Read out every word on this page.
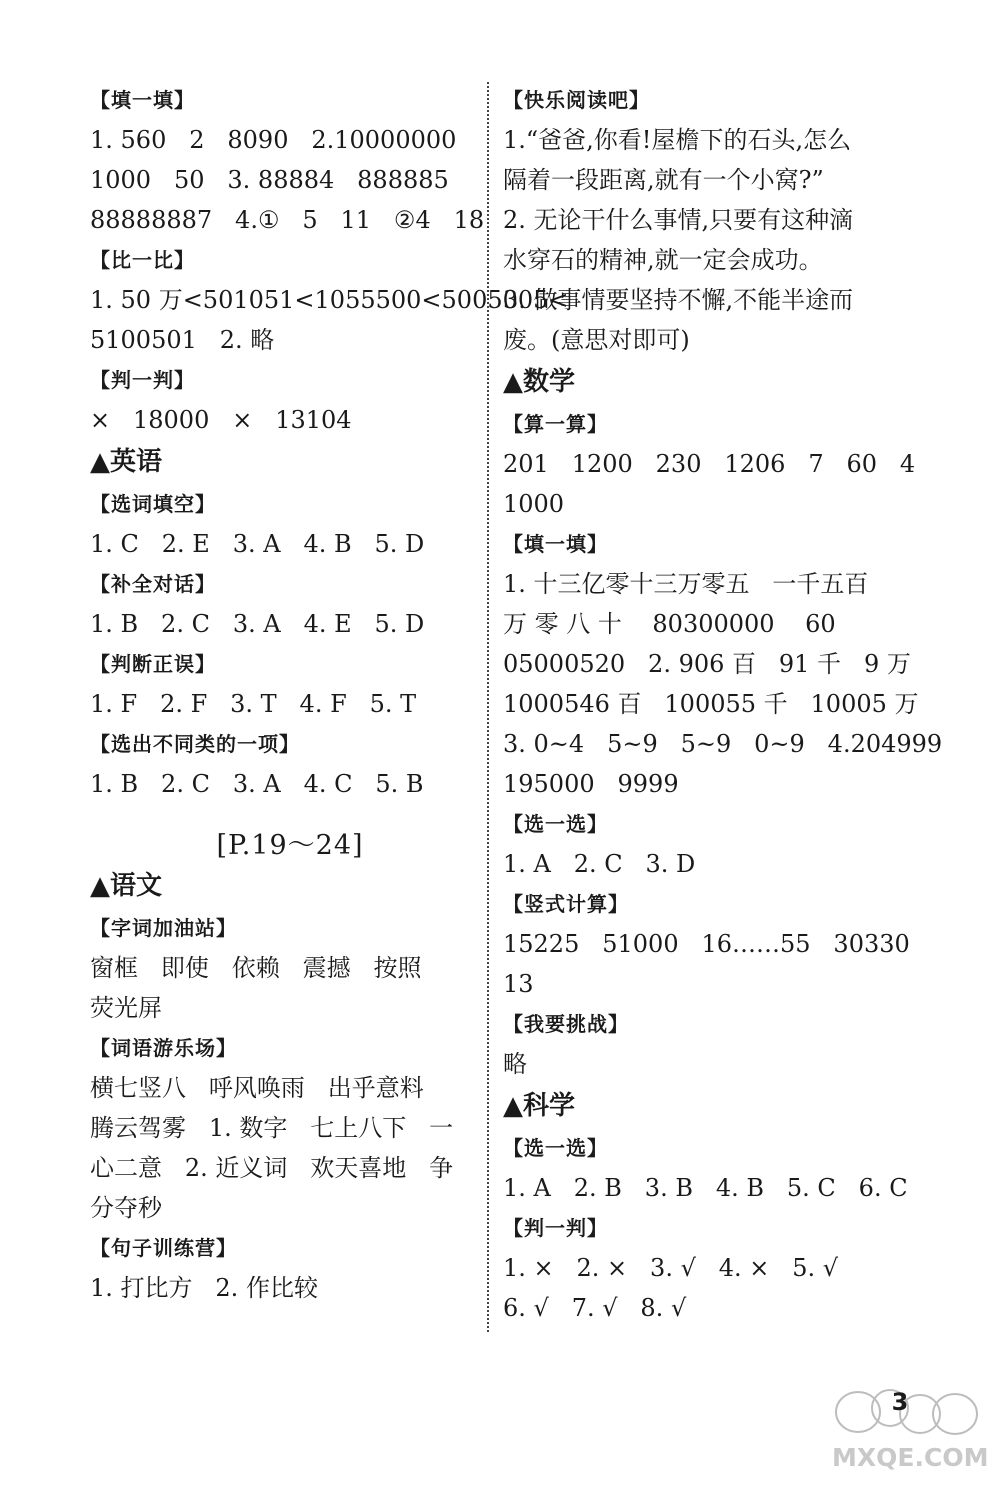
【填一填】
1. 560   2   8090   2.10000000
1000   50   3. 88884   888885
88888887   4.①   5   11   ②4   18
【比一比】
1. 50 万<501051<1055500<5005005<
5100501   2. 略
【判一判】
×   18000   ×   13104
▲英语
【选词填空】
1. C   2. E   3. A   4. B   5. D
【补全对话】
1. B   2. C   3. A   4. E   5. D
【判断正误】
1. F   2. F   3. T   4. F   5. T
【选出不同类的一项】
1. B   2. C   3. A   4. C   5. B
[P.19～24]
▲语文
【字词加油站】
窗框   即使   依赖   震撼   按照
荧光屏
【词语游乐场】
横七竖八   呼风唤雨   出乎意料
腾云驾雾   1. 数字   七上八下   一
心二意   2. 近义词   欢天喜地   争
分夺秒
【句子训练营】
1. 打比方   2. 作比较
【快乐阅读吧】
1.“爸爸,你看!屋檐下的石头,怎么
隔着一段距离,就有一个小窝?”
2. 无论干什么事情,只要有这种滴
水穿石的精神,就一定会成功。
3. 做事情要坚持不懈,不能半途而
废。(意思对即可)
▲数学
【算一算】
201   1200   230   1206   7   60   4
1000
【填一填】
1. 十三亿零十三万零五   一千五百
万 零 八 十    80300000    60
05000520   2. 906 百   91 千   9 万
1000546 百   100055 千   10005 万
3. 0~4   5~9   5~9   0~9   4.204999
195000   9999
【选一选】
1. A   2. C   3. D
【竖式计算】
15225   51000   16……55   30330
13
【我要挑战】
略
▲科学
【选一选】
1. A   2. B   3. B   4. B   5. C   6. C
【判一判】
1. ×   2. ×   3. √   4. ×   5. √
6. √   7. √   8. √
3
MXQE.COM
